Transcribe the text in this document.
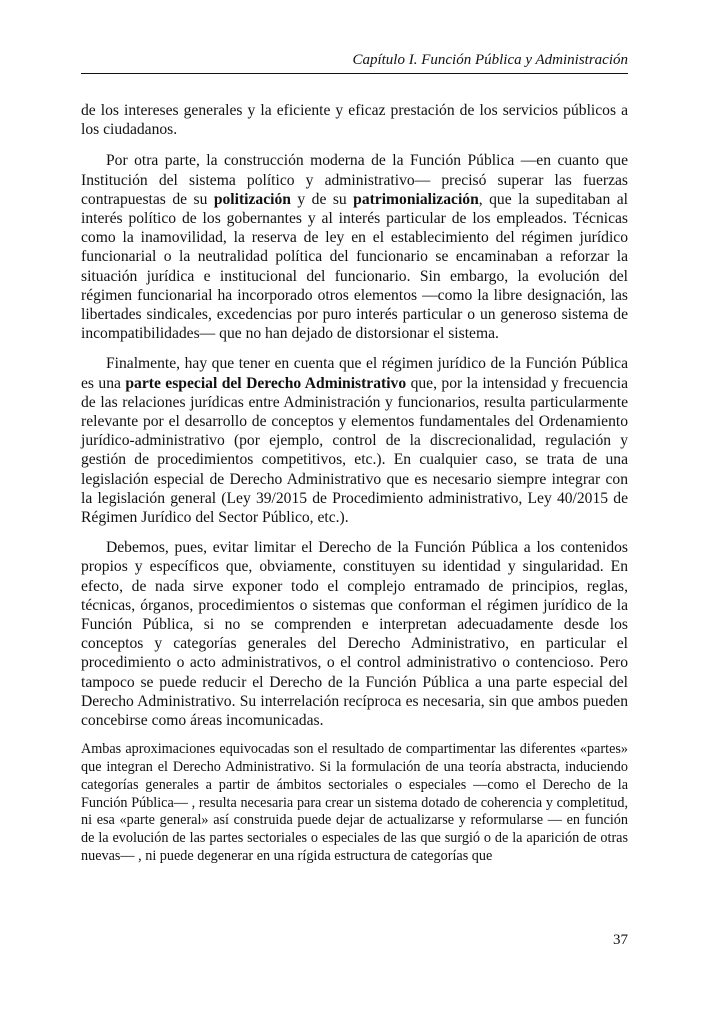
Capítulo I. Función Pública y Administración

de los intereses generales y la eficiente y eficaz prestación de los servicios públicos a los ciudadanos.

Por otra parte, la construcción moderna de la Función Pública —en cuanto que Institución del sistema político y administrativo— precisó superar las fuerzas contrapuestas de su politización y de su patrimonialización, que la supeditaban al interés político de los gobernantes y al interés particular de los empleados. Técnicas como la inamovilidad, la reserva de ley en el establecimiento del régimen jurídico funcionarial o la neutralidad política del funcionario se encaminaban a reforzar la situación jurídica e institucional del funcionario. Sin embargo, la evolución del régimen funcionarial ha incorporado otros elementos —como la libre designación, las libertades sindicales, excedencias por puro interés particular o un generoso sistema de incompatibilidades— que no han dejado de distorsionar el sistema.

Finalmente, hay que tener en cuenta que el régimen jurídico de la Función Pública es una parte especial del Derecho Administrativo que, por la intensidad y frecuencia de las relaciones jurídicas entre Administración y funcionarios, resulta particularmente relevante por el desarrollo de conceptos y elementos fundamentales del Ordenamiento jurídico-administrativo (por ejemplo, control de la discrecionalidad, regulación y gestión de procedimientos competitivos, etc.). En cualquier caso, se trata de una legislación especial de Derecho Administrativo que es necesario siempre integrar con la legislación general (Ley 39/2015 de Procedimiento administrativo, Ley 40/2015 de Régimen Jurídico del Sector Público, etc.).

Debemos, pues, evitar limitar el Derecho de la Función Pública a los contenidos propios y específicos que, obviamente, constituyen su identidad y singularidad. En efecto, de nada sirve exponer todo el complejo entramado de principios, reglas, técnicas, órganos, procedimientos o sistemas que conforman el régimen jurídico de la Función Pública, si no se comprenden e interpretan adecuadamente desde los conceptos y categorías generales del Derecho Administrativo, en particular el procedimiento o acto administrativos, o el control administrativo o contencioso. Pero tampoco se puede reducir el Derecho de la Función Pública a una parte especial del Derecho Administrativo. Su interrelación recíproca es necesaria, sin que ambos pueden concebirse como áreas incomunicadas.

Ambas aproximaciones equivocadas son el resultado de compartimentar las diferentes «partes» que integran el Derecho Administrativo. Si la formulación de una teoría abstracta, induciendo categorías generales a partir de ámbitos sectoriales o especiales —como el Derecho de la Función Pública— , resulta necesaria para crear un sistema dotado de coherencia y completitud, ni esa «parte general» así construida puede dejar de actualizarse y reformularse — en función de la evolución de las partes sectoriales o especiales de las que surgió o de la aparición de otras nuevas— , ni puede degenerar en una rígida estructura de categorías que

37
